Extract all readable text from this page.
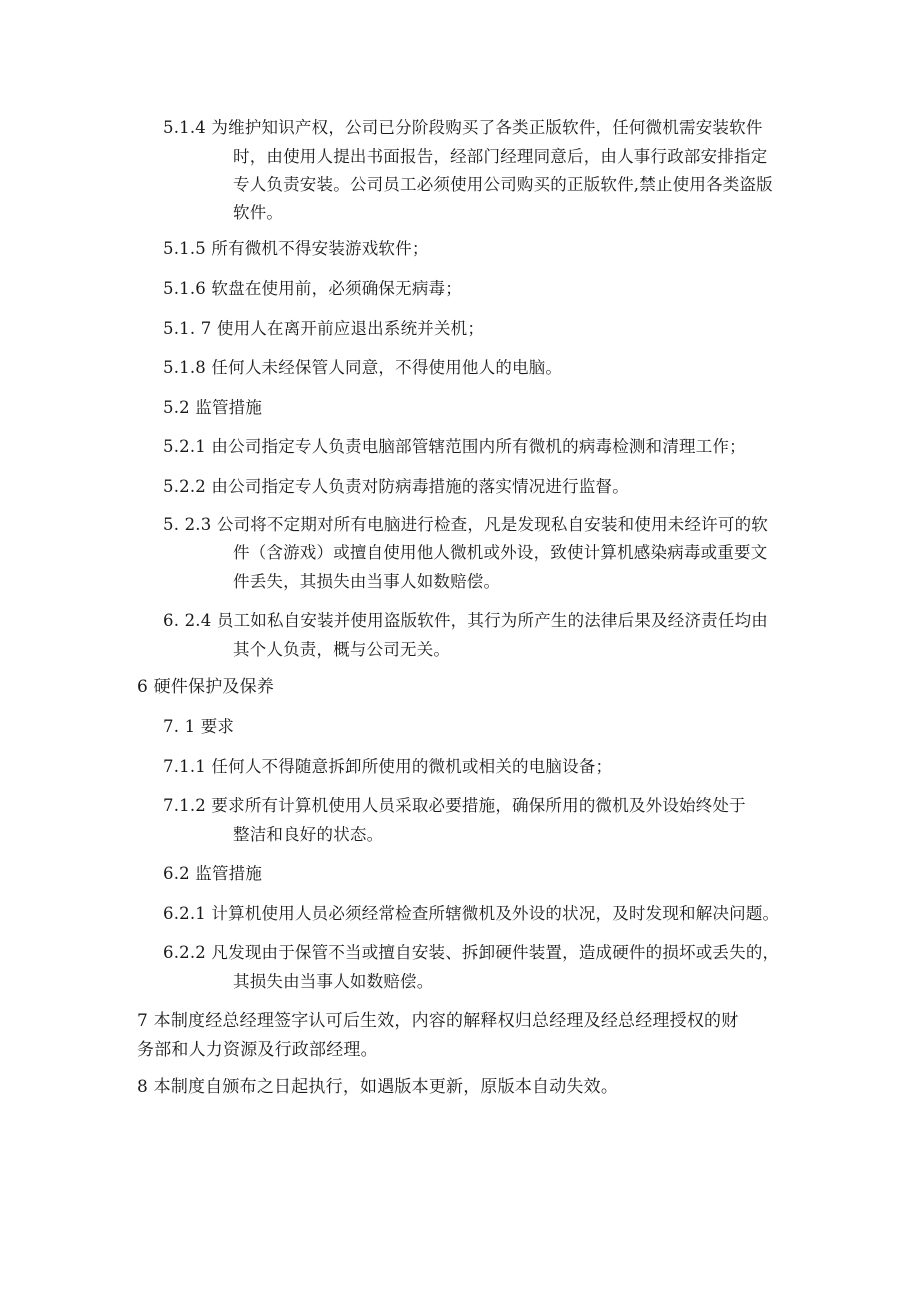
5.1.4 为维护知识产权，公司已分阶段购买了各类正版软件，任何微机需安装软件
时，由使用人提出书面报告，经部门经理同意后，由人事行政部安排指定
专人负责安装。公司员工必须使用公司购买的正版软件,禁止使用各类盗版
软件。
5.1.5 所有微机不得安装游戏软件；
5.1.6 软盘在使用前，必须确保无病毒；
5.1. 7 使用人在离开前应退出系统并关机；
5.1.8 任何人未经保管人同意，不得使用他人的电脑。
5.2 监管措施
5.2.1 由公司指定专人负责电脑部管辖范围内所有微机的病毒检测和清理工作；
5.2.2 由公司指定专人负责对防病毒措施的落实情况进行监督。
5. 2.3 公司将不定期对所有电脑进行检查，凡是发现私自安装和使用未经许可的软
件（含游戏）或擅自使用他人微机或外设，致使计算机感染病毒或重要文
件丢失，其损失由当事人如数赔偿。
6. 2.4 员工如私自安装并使用盗版软件，其行为所产生的法律后果及经济责任均由
其个人负责，概与公司无关。
6 硬件保护及保养
7. 1 要求
7.1.1 任何人不得随意拆卸所使用的微机或相关的电脑设备；
7.1.2 要求所有计算机使用人员采取必要措施，确保所用的微机及外设始终处于
整洁和良好的状态。
6.2 监管措施
6.2.1 计算机使用人员必须经常检查所辖微机及外设的状况，及时发现和解决问题。
6.2.2 凡发现由于保管不当或擅自安装、拆卸硬件装置，造成硬件的损坏或丢失的，
其损失由当事人如数赔偿。
7 本制度经总经理签字认可后生效，内容的解释权归总经理及经总经理授权的财
务部和人力资源及行政部经理。
8 本制度自颁布之日起执行，如遇版本更新，原版本自动失效。
